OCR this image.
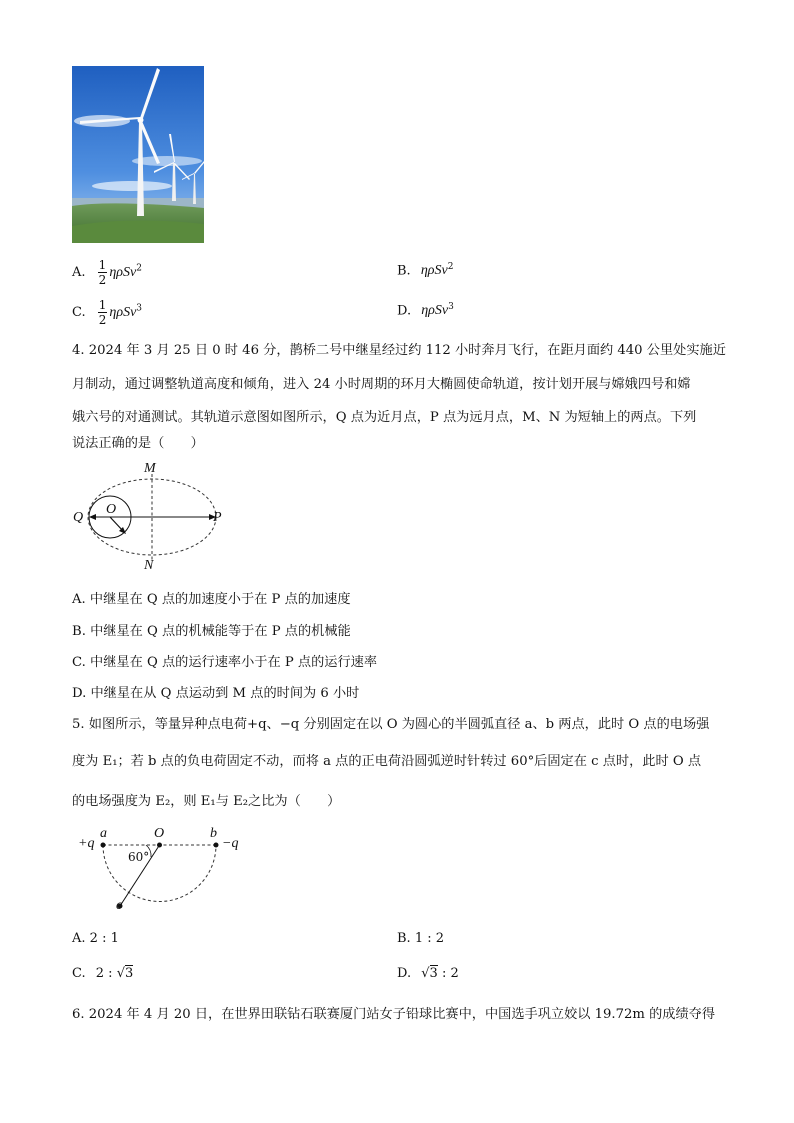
A. $\frac{1}{2} \eta\rho Sv^2$	B. ηρSv$^2$
C. $\frac{1}{2} \eta\rho Sv^3$	D. ηρSv$^3$
4. 2024 年 3 月 25 日 0 时 46 分，鹊桥二号中继星经过约 112 小时奔月飞行，在距月面约 440 公里处实施近
月制动，通过调整轨道高度和倾角，进入 24 小时周期的环月大椭圆使命轨道，按计划开展与嫦娥四号和嫦
娥六号的对通测试。其轨道示意图如图所示，Q 点为近月点，P 点为远月点，M、N 为短轴上的两点。下列
说法正确的是（　　）
M
N
O
P
Q
A. 中继星在 Q 点的加速度小于在 P 点的加速度
B. 中继星在 Q 点的机械能等于在 P 点的机械能
C. 中继星在 Q 点的运行速率小于在 P 点的运行速率
D. 中继星在从 Q 点运动到 M 点的时间为 6 小时
5. 如图所示，等量异种点电荷+q、−q 分别固定在以 O 为圆心的半圆弧直径 a、b 两点，此时 O 点的电场强
度为 E₁；若 b 点的负电荷固定不动，而将 a 点的正电荷沿圆弧逆时针转过 60°后固定在 c 点时，此时 O 点
的电场强度为 E₂，则 E₁与 E₂之比为（　　）
+q
a	O	b
−q
60°
c
A. 2 : 1	B. 1 : 2
C. 2 : √3	D. √3 : 2
6. 2024 年 4 月 20 日，在世界田联钻石联赛厦门站女子铅球比赛中，中国选手巩立姣以 19.72m 的成绩夺得
